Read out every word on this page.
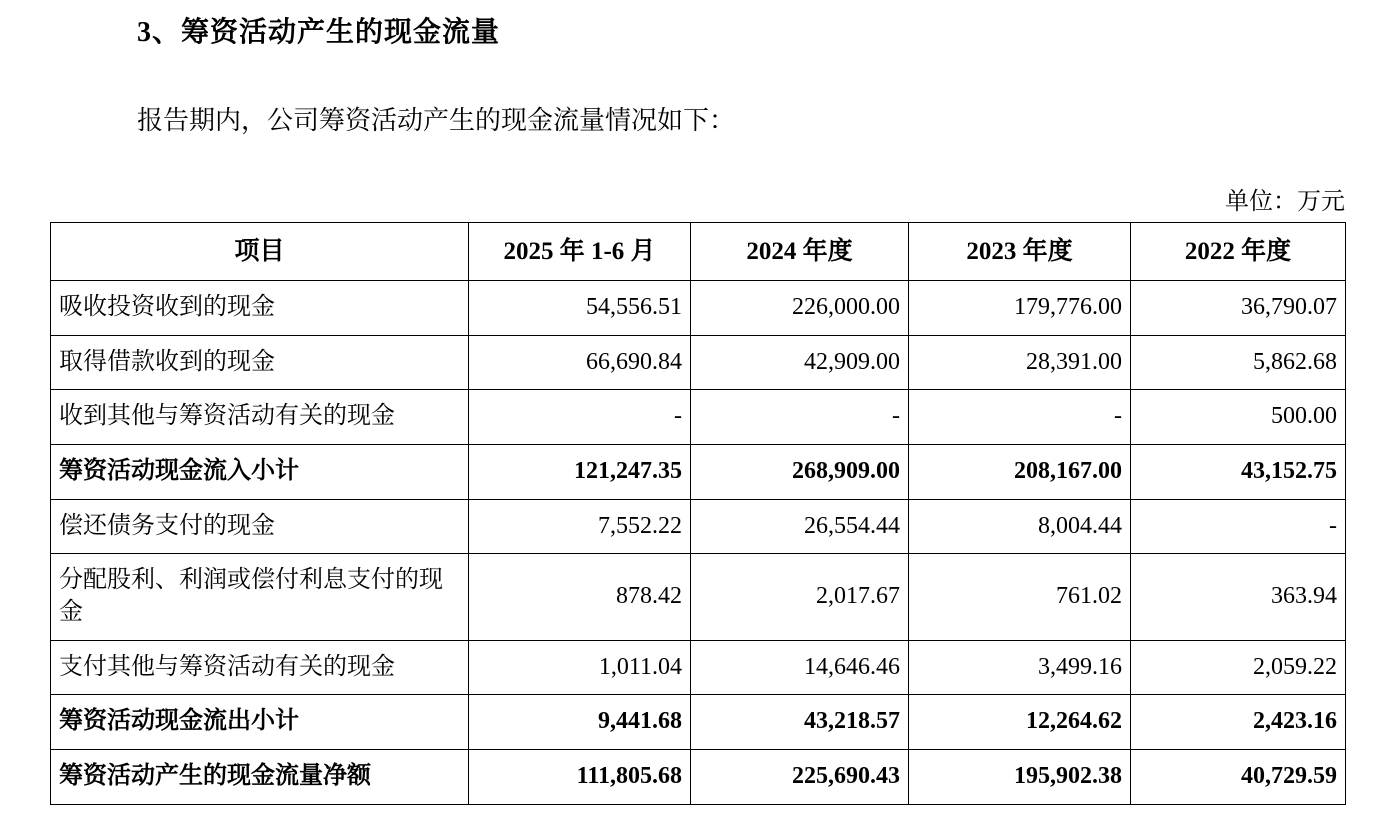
3、筹资活动产生的现金流量
报告期内，公司筹资活动产生的现金流量情况如下：
单位：万元
项目	2025 年 1-6 月	2024 年度	2023 年度	2022 年度
吸收投资收到的现金	54,556.51	226,000.00	179,776.00	36,790.07
取得借款收到的现金	66,690.84	42,909.00	28,391.00	5,862.68
收到其他与筹资活动有关的现金	-	-	-	500.00
筹资活动现金流入小计	121,247.35	268,909.00	208,167.00	43,152.75
偿还债务支付的现金	7,552.22	26,554.44	8,004.44	-
分配股利、利润或偿付利息支付的现金	878.42	2,017.67	761.02	363.94
支付其他与筹资活动有关的现金	1,011.04	14,646.46	3,499.16	2,059.22
筹资活动现金流出小计	9,441.68	43,218.57	12,264.62	2,423.16
筹资活动产生的现金流量净额	111,805.68	225,690.43	195,902.38	40,729.59
